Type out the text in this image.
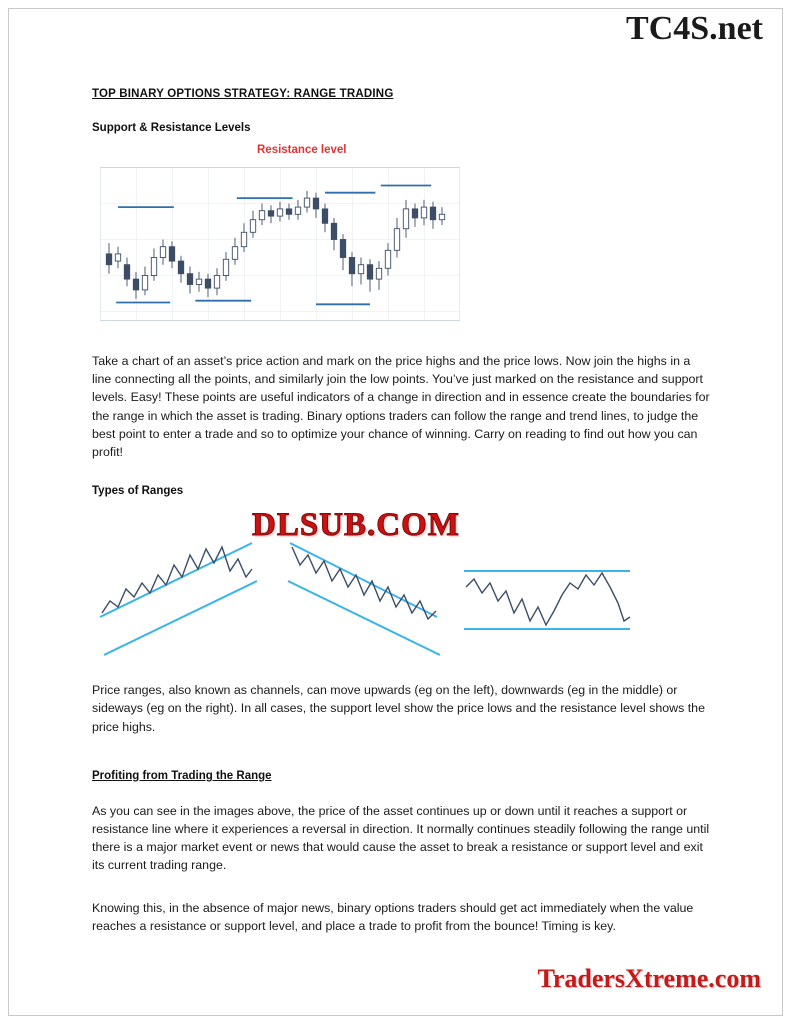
TC4S.net
TOP BINARY OPTIONS STRATEGY: RANGE TRADING
Support & Resistance Levels
Resistance level

Take a chart of an asset’s price action and mark on the price highs and the price lows. Now join the highs in a line connecting all the points, and similarly join the low points. You’ve just marked on the resistance and support levels. Easy! These points are useful indicators of a change in direction and in essence create the boundaries for the range in which the asset is trading. Binary options traders can follow the range and trend lines, to judge the best point to enter a trade and so to optimize your chance of winning. Carry on reading to find out how you can profit!

Types of Ranges
DLSUB.COM

Price ranges, also known as channels, can move upwards (eg on the left), downwards (eg in the middle) or sideways (eg on the right). In all cases, the support level show the price lows and the resistance level shows the price highs.

Profiting from Trading the Range

As you can see in the images above, the price of the asset continues up or down until it reaches a support or resistance line where it experiences a reversal in direction. It normally continues steadily following the range until there is a major market event or news that would cause the asset to break a resistance or support level and exit its current trading range.

Knowing this, in the absence of major news, binary options traders should get act immediately when the value reaches a resistance or support level, and place a trade to profit from the bounce! Timing is key.

TradersXtreme.com
